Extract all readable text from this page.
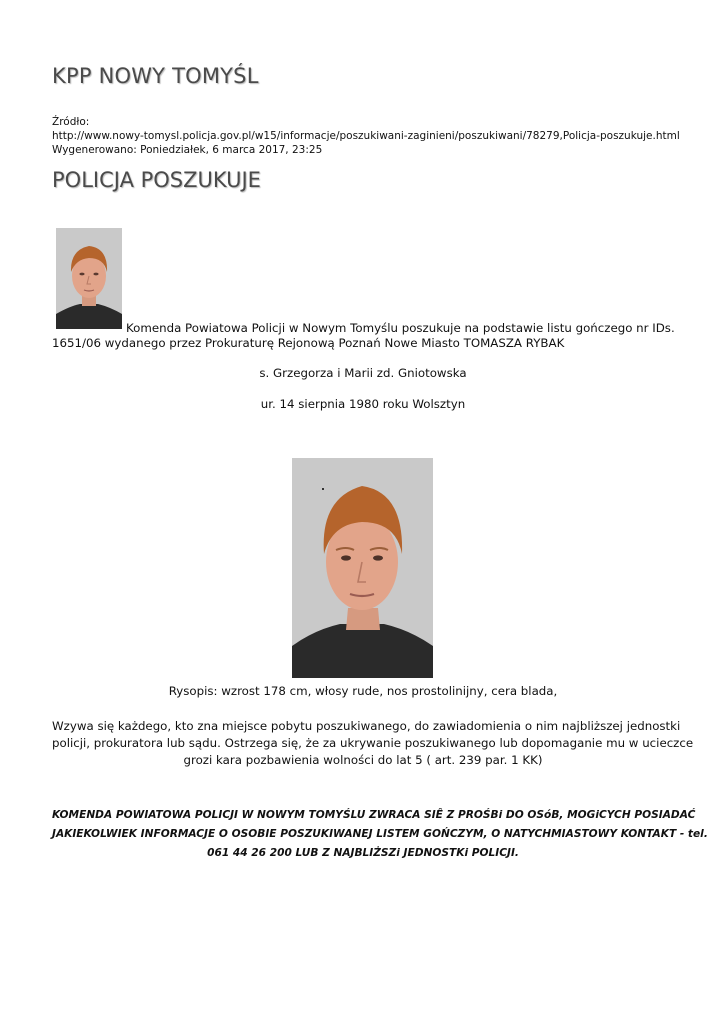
KPP NOWY TOMYŚL
Źródło:
http://www.nowy-tomysl.policja.gov.pl/w15/informacje/poszukiwani-zaginieni/poszukiwani/78279,Policja-poszukuje.html
Wygenerowano: Poniedziałek, 6 marca 2017, 23:25
POLICJA POSZUKUJE
Komenda Powiatowa Policji w Nowym Tomyślu poszukuje na podstawie listu gończego nr IDs.
1651/06 wydanego przez Prokuraturę Rejonową Poznań Nowe Miasto TOMASZA RYBAK
s. Grzegorza i Marii zd. Gniotowska
ur. 14 sierpnia 1980 roku Wolsztyn
Rysopis: wzrost 178 cm, włosy rude, nos prostolinijny, cera blada,
Wzywa się każdego, kto zna miejsce pobytu poszukiwanego, do zawiadomienia o nim najbliższej jednostki
policji, prokuratora lub sądu. Ostrzega się, że za ukrywanie poszukiwanego lub dopomaganie mu w ucieczce
grozi kara pozbawienia wolności do lat 5 ( art. 239 par. 1 KK)
KOMENDA POWIATOWA POLICJI W NOWYM TOMYŚLU ZWRACA SIÊ Z PROŚBi DO OSóB, MOGiCYCH POSIADAĆ
JAKIEKOLWIEK INFORMACJE O OSOBIE POSZUKIWANEJ LISTEM GOŃCZYM, O NATYCHMIASTOWY KONTAKT - tel.
061 44 26 200 LUB Z NAJBLIŻSZi JEDNOSTKi POLICJI.
